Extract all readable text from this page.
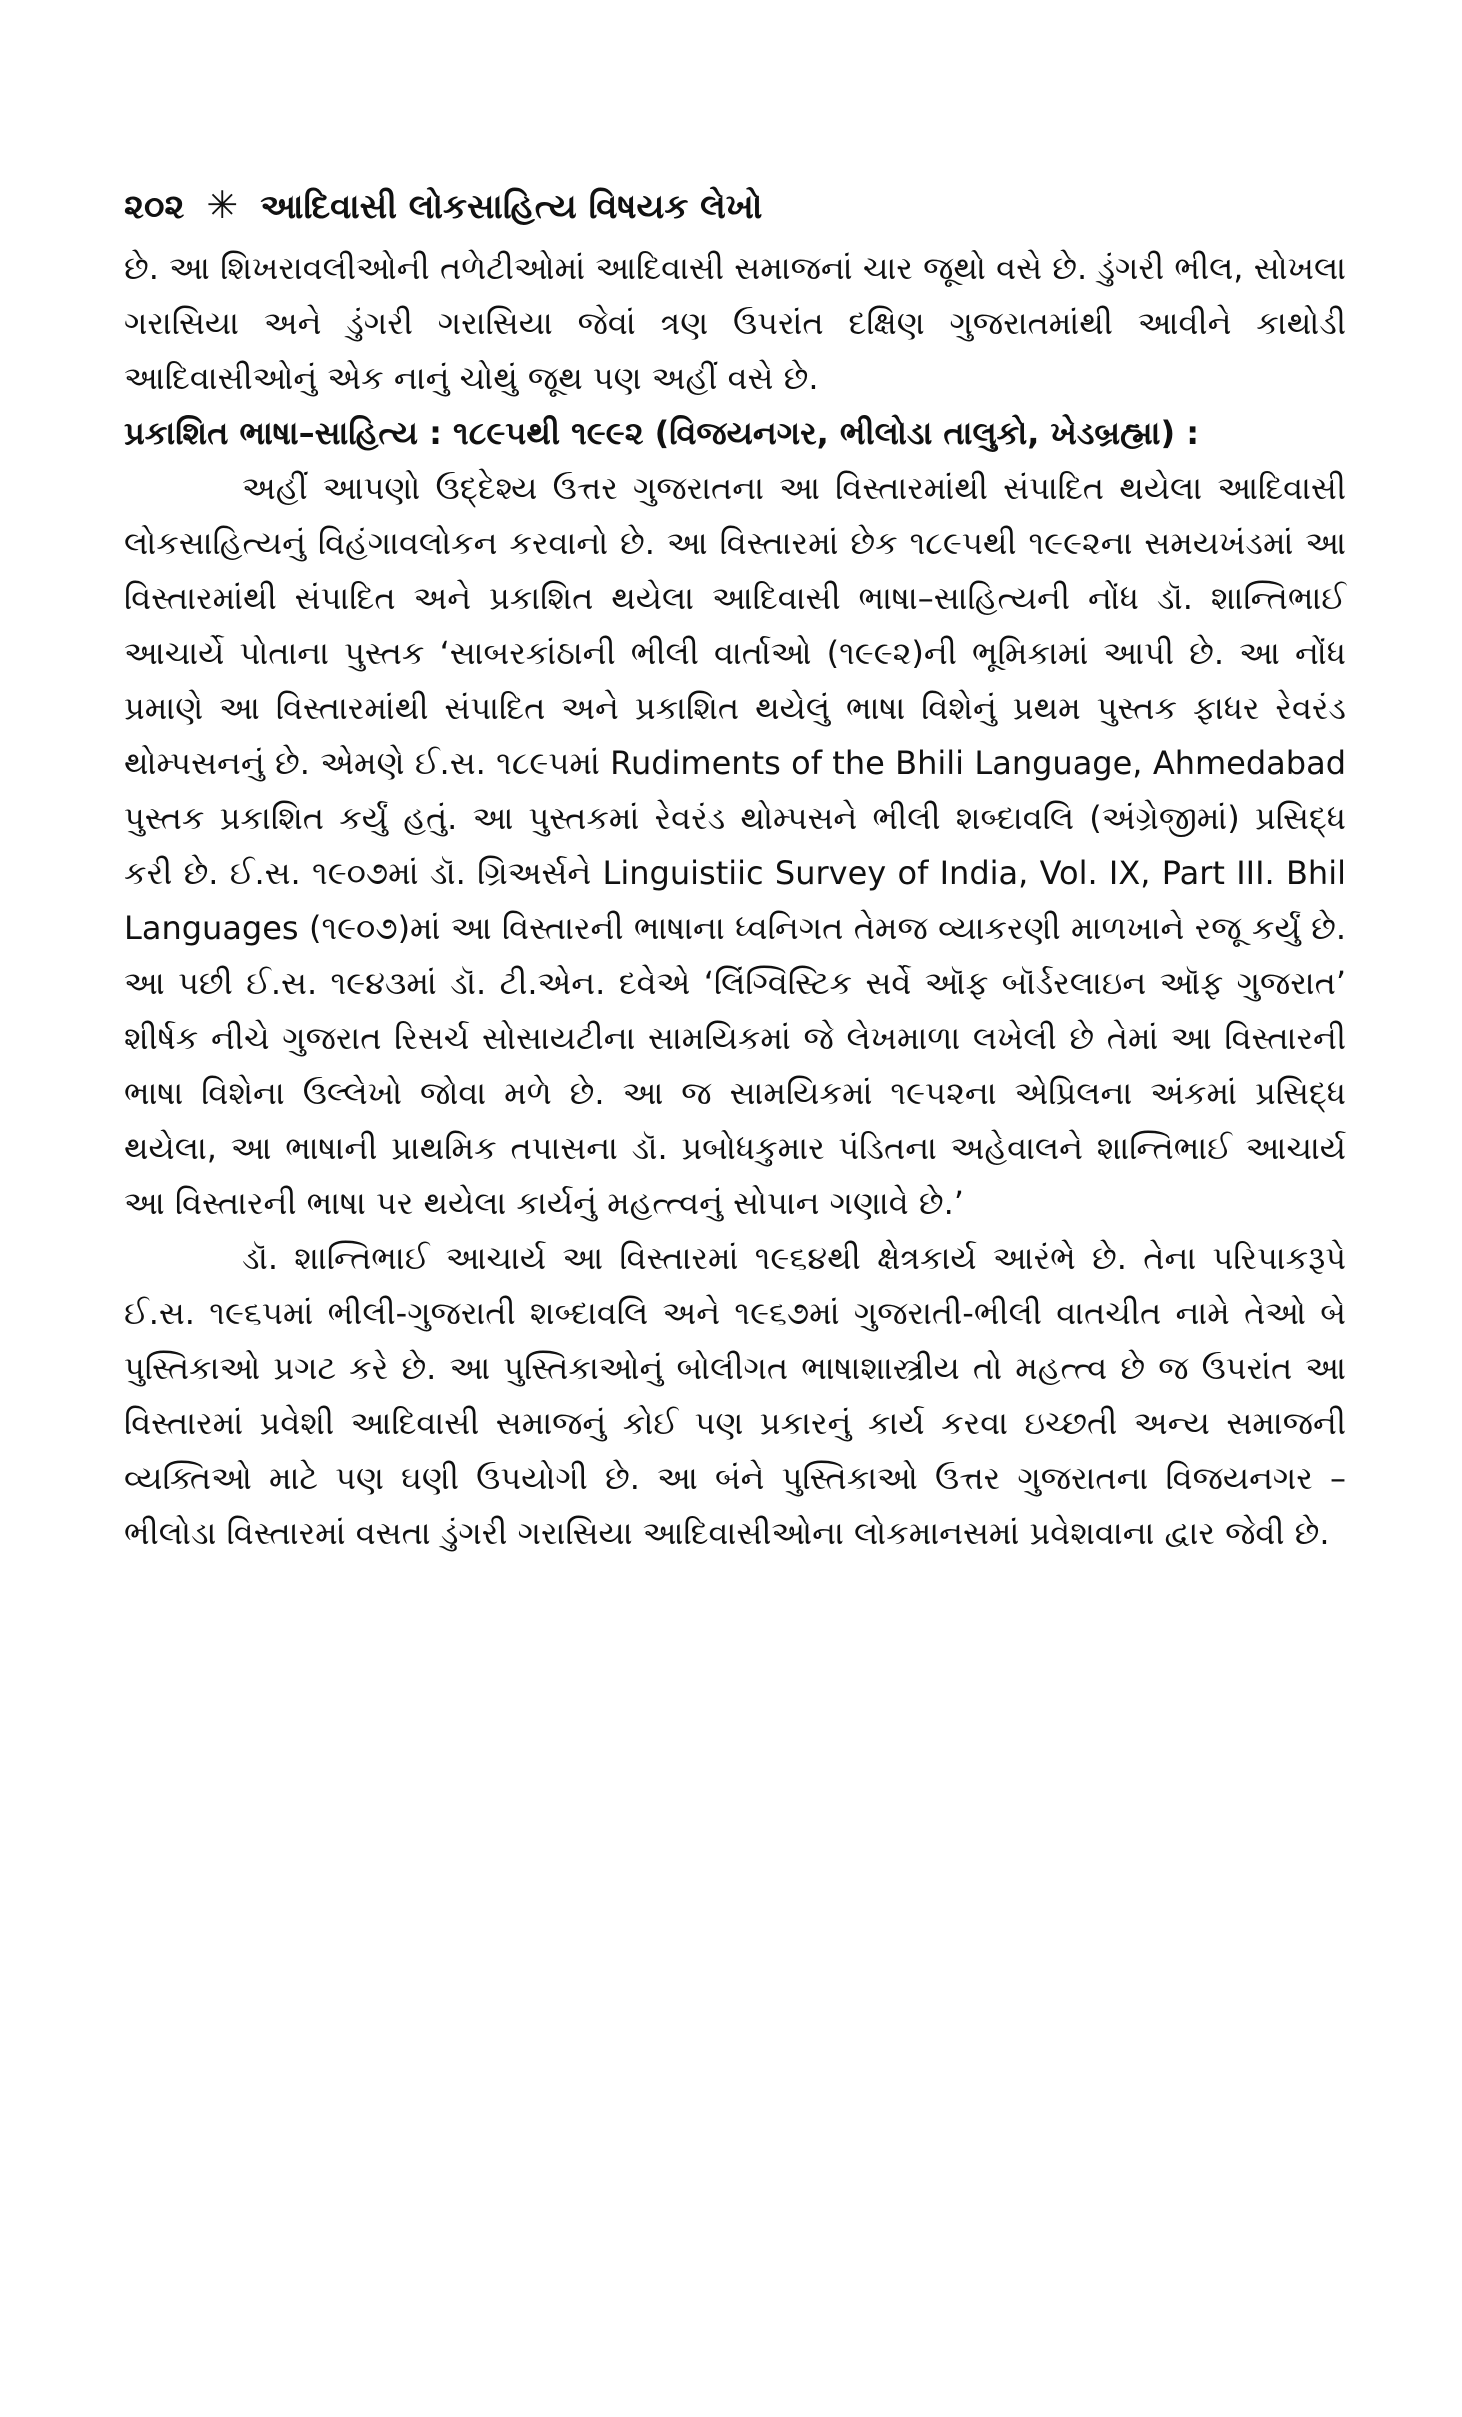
૨૦૨ ✳ આદિવાસી લોકસાહિત્ય વિષયક લેખો

છે. આ શિખરાવલીઓની તળેટીઓમાં આદિવાસી સમાજનાં ચાર જૂથો વસે છે. ડુંગરી ભીલ, સોખલા ગરાસિયા અને ડુંગરી ગરાસિયા જેવાં ત્રણ ઉપરાંત દક્ષિણ ગુજરાતમાંથી આવીને કાથોડી આદિવાસીઓનું એક નાનું ચોથું જૂથ પણ અહીં વસે છે.

પ્રકાશિત ભાષા–સાહિત્ય : ૧૮૯૫થી ૧૯૯૨ (વિજયનગર, ભીલોડા તાલુકો, ખેડબ્રહ્મા) :

અહીં આપણો ઉદ્દેશ્ય ઉત્તર ગુજરાતના આ વિસ્તારમાંથી સંપાદિત થયેલા આદિવાસી લોકસાહિત્યનું વિહંગાવલોકન કરવાનો છે. આ વિસ્તારમાં છેક ૧૮૯૫થી ૧૯૯૨ના સમયખંડમાં આ વિસ્તારમાંથી સંપાદિત અને પ્રકાશિત થયેલા આદિવાસી ભાષા–સાહિત્યની નોંધ ડૉ. શાન્તિભાઈ આચાર્યે પોતાના પુસ્તક ‘સાબરકાંઠાની ભીલી વાર્તાઓ (૧૯૯૨)ની ભૂમિકામાં આપી છે. આ નોંધ પ્રમાણે આ વિસ્તારમાંથી સંપાદિત અને પ્રકાશિત થયેલું ભાષા વિશેનું પ્રથમ પુસ્તક ફાધર રેવરંડ થોમ્પસનનું છે. એમણે ઈ.સ. ૧૮૯૫માં Rudiments of the Bhili Language, Ahmedabad પુસ્તક પ્રકાશિત કર્યું હતું. આ પુસ્તકમાં રેવરંડ થોમ્પસને ભીલી શબ્દાવલિ (અંગ્રેજીમાં) પ્રસિદ્ધ કરી છે. ઈ.સ. ૧૯૦૭માં ડૉ. ગ્રિઅર્સને Linguistiic Survey of India, Vol. IX, Part III. Bhil Languages (૧૯૦૭)માં આ વિસ્તારની ભાષાના ધ્વનિગત તેમજ વ્યાકરણી માળખાને રજૂ કર્યું છે. આ પછી ઈ.સ. ૧૯૪૩માં ડૉ. ટી.એન. દવેએ ‘લિંગ્વિસ્ટિક સર્વે ઑફ બૉર્ડરલાઇન ઑફ ગુજરાત’ શીર્ષક નીચે ગુજરાત રિસર્ચ સોસાયટીના સામયિકમાં જે લેખમાળા લખેલી છે તેમાં આ વિસ્તારની ભાષા વિશેના ઉલ્લેખો જોવા મળે છે. આ જ સામયિકમાં ૧૯૫૨ના એપ્રિલના અંકમાં પ્રસિદ્ધ થયેલા, આ ભાષાની પ્રાથમિક તપાસના ડૉ. પ્રબોધકુમાર પંડિતના અહેવાલને શાન્તિભાઈ આચાર્ય આ વિસ્તારની ભાષા પર થયેલા કાર્યનું મહત્ત્વનું સોપાન ગણાવે છે.’

ડૉ. શાન્તિભાઈ આચાર્ય આ વિસ્તારમાં ૧૯૬૪થી ક્ષેત્રકાર્ય આરંભે છે. તેના પરિપાકરૂપે ઈ.સ. ૧૯૬૫માં ભીલી-ગુજરાતી શબ્દાવલિ અને ૧૯૬૭માં ગુજરાતી-ભીલી વાતચીત નામે તેઓ બે પુસ્તિકાઓ પ્રગટ કરે છે. આ પુસ્તિકાઓનું બોલીગત ભાષાશાસ્ત્રીય તો મહત્ત્વ છે જ ઉપરાંત આ વિસ્તારમાં પ્રવેશી આદિવાસી સમાજનું કોઈ પણ પ્રકારનું કાર્ય કરવા ઇચ્છતી અન્ય સમાજની વ્યક્તિઓ માટે પણ ઘણી ઉપયોગી છે. આ બંને પુસ્તિકાઓ ઉત્તર ગુજરાતના વિજયનગર – ભીલોડા વિસ્તારમાં વસતા ડુંગરી ગરાસિયા આદિવાસીઓના લોકમાનસમાં પ્રવેશવાના દ્વાર જેવી છે.
